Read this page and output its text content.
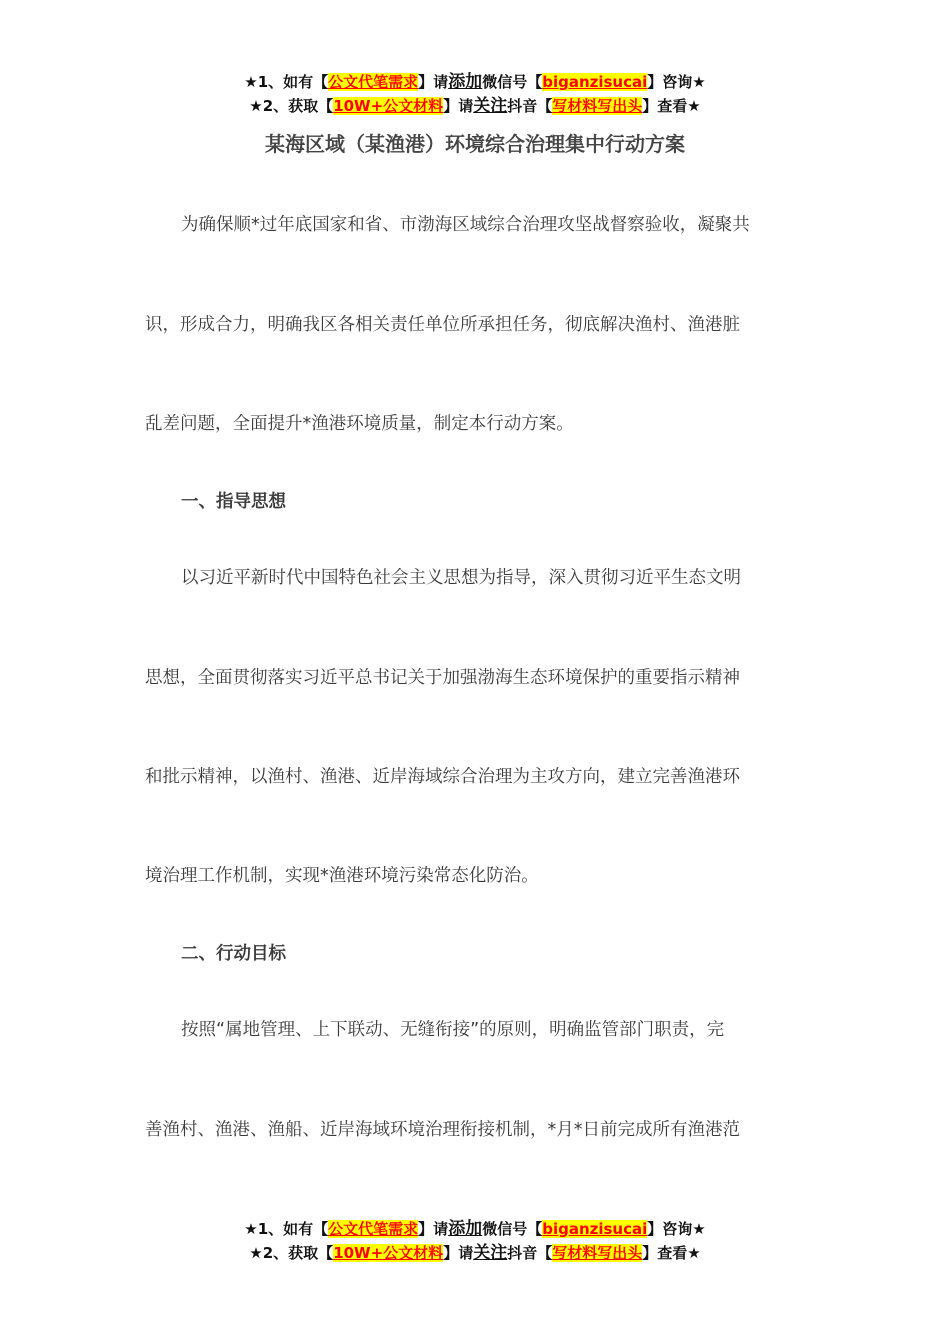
★1、如有【公文代笔需求】请添加微信号【biganzisucai】咨询★
★2、获取【10W+公文材料】请关注抖音【写材料写出头】查看★
某海区域（某渔港）环境综合治理集中行动方案
为确保顺*过年底国家和省、市渤海区域综合治理攻坚战督察验收，凝聚共
识，形成合力，明确我区各相关责任单位所承担任务，彻底解决渔村、渔港脏
乱差问题，全面提升*渔港环境质量，制定本行动方案。
一、指导思想
以习近平新时代中国特色社会主义思想为指导，深入贯彻习近平生态文明
思想，全面贯彻落实习近平总书记关于加强渤海生态环境保护的重要指示精神
和批示精神，以渔村、渔港、近岸海域综合治理为主攻方向，建立完善渔港环
境治理工作机制，实现*渔港环境污染常态化防治。
二、行动目标
按照“属地管理、上下联动、无缝衔接”的原则，明确监管部门职责，完
善渔村、渔港、渔船、近岸海域环境治理衔接机制，*月*日前完成所有渔港范
★1、如有【公文代笔需求】请添加微信号【biganzisucai】咨询★
★2、获取【10W+公文材料】请关注抖音【写材料写出头】查看★
